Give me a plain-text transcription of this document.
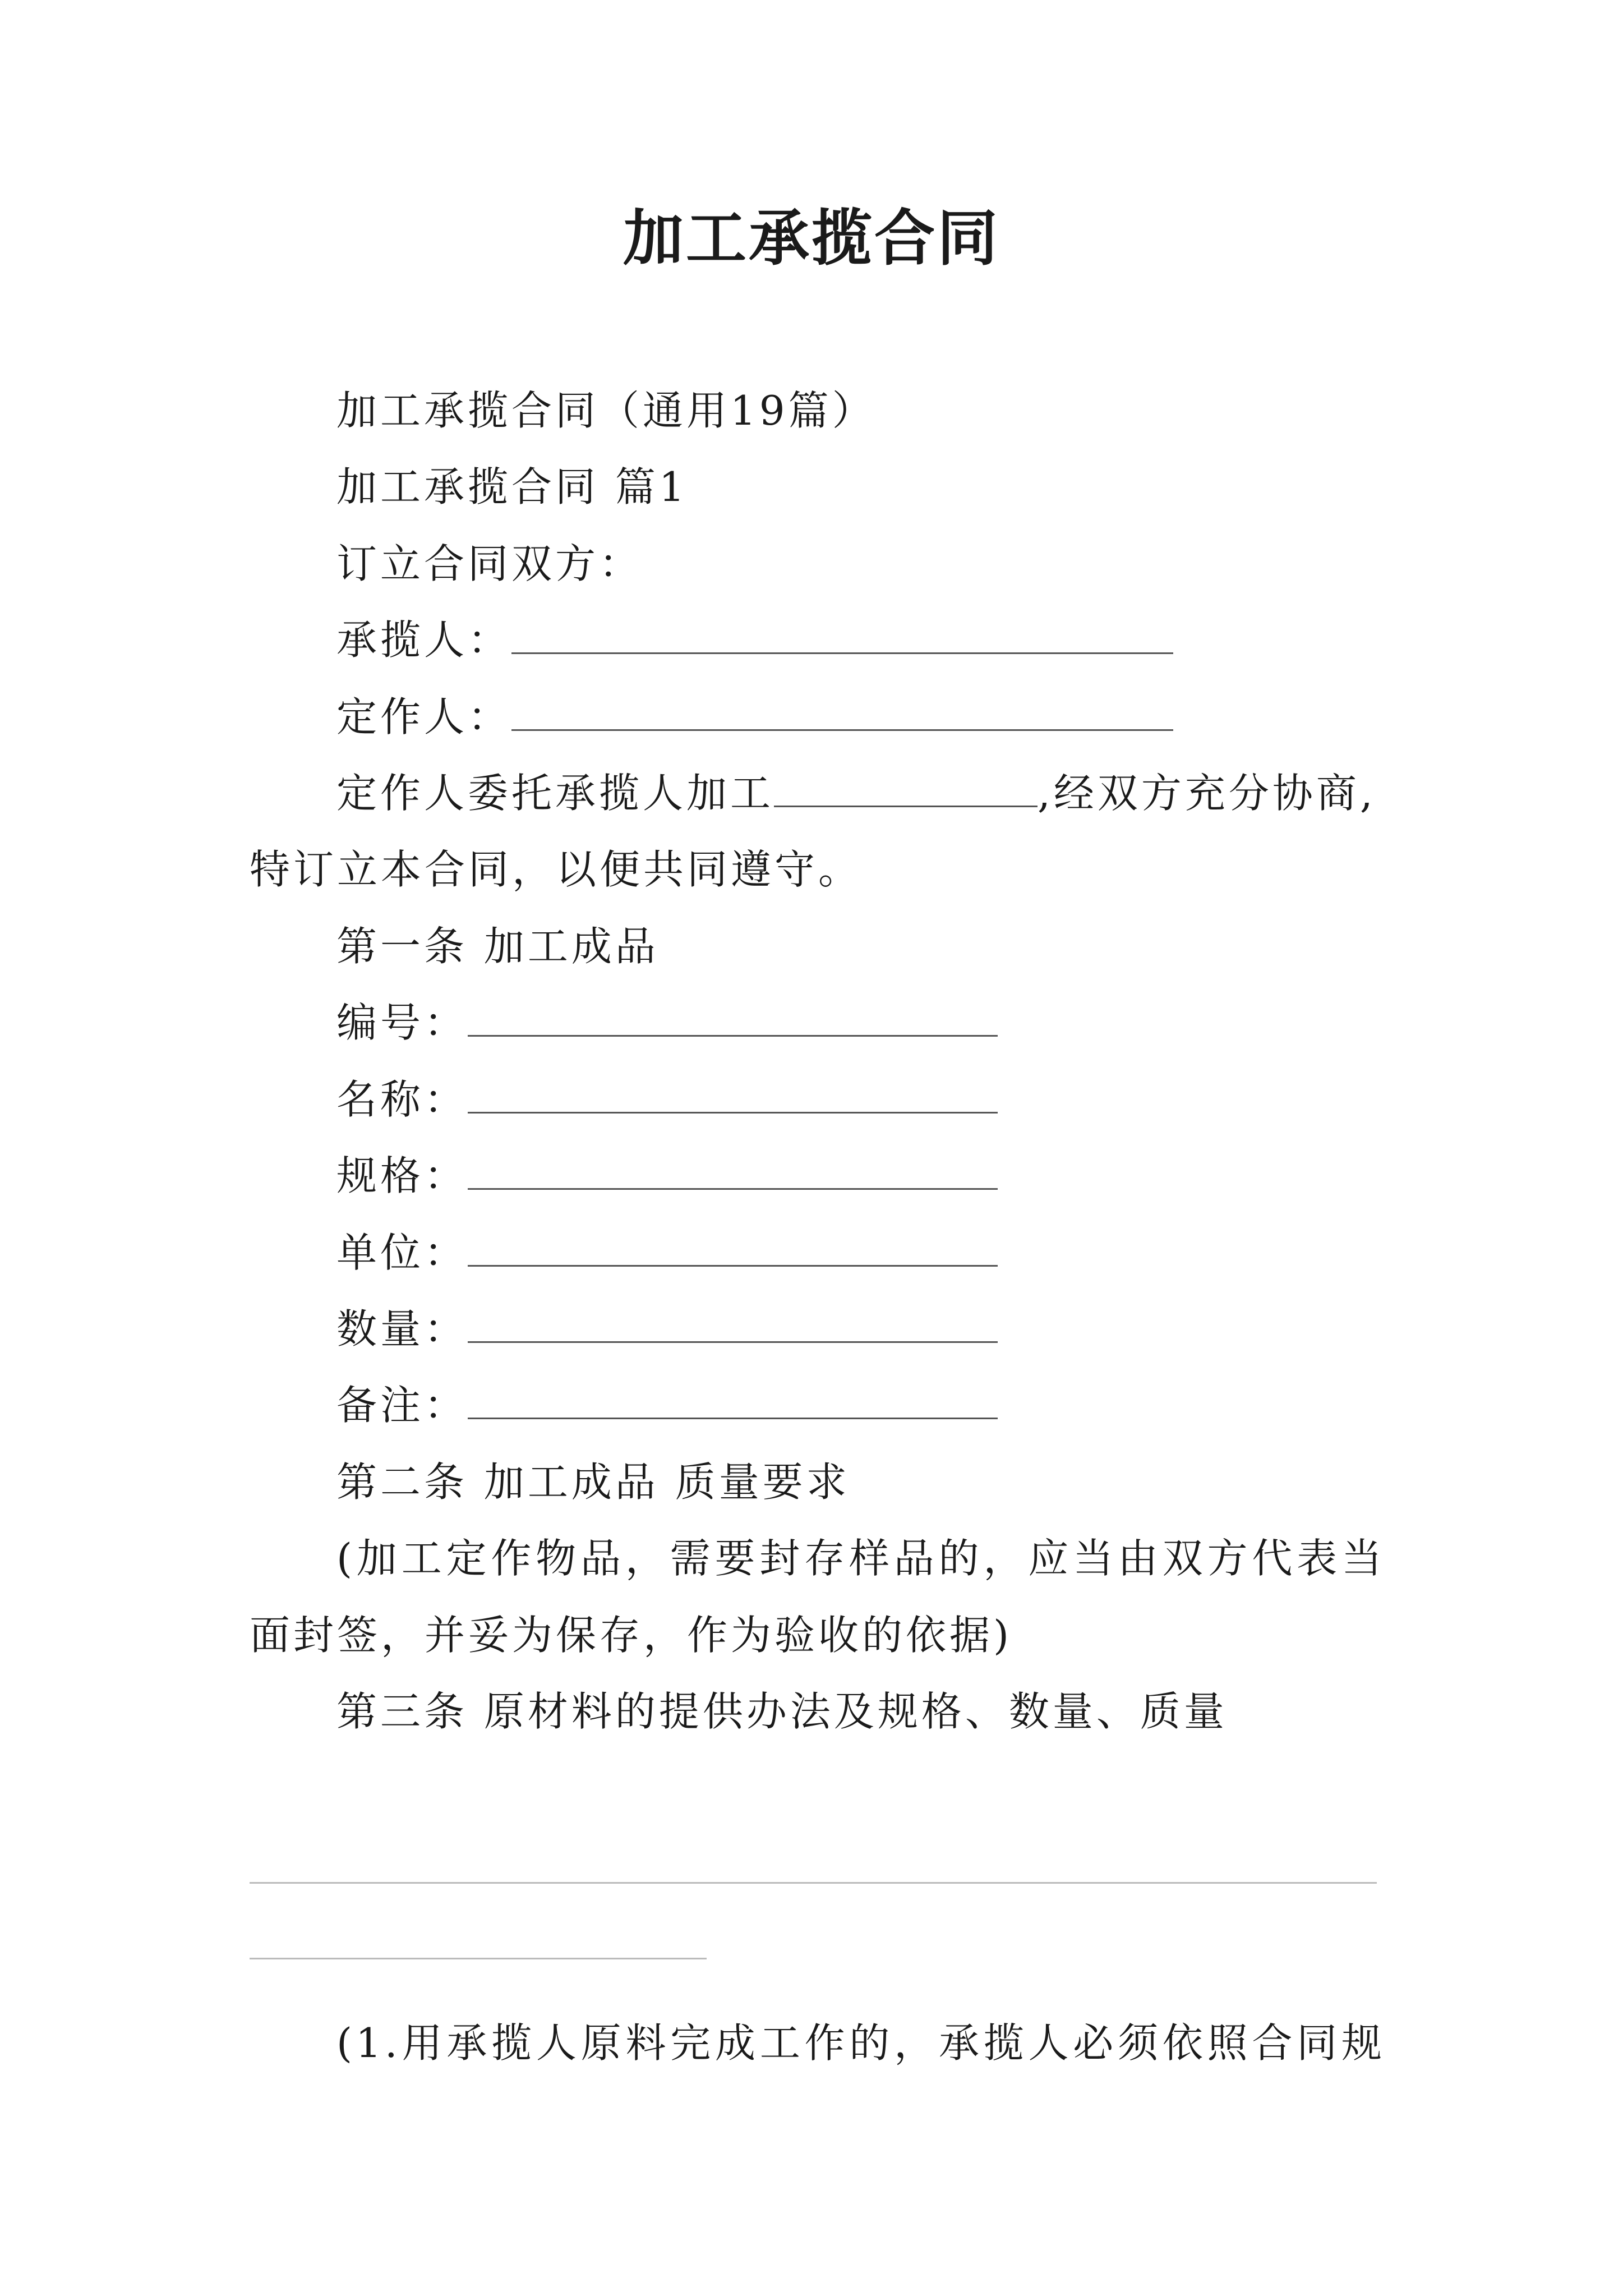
加工承揽合同
加工承揽合同（通用19篇）
加工承揽合同 篇1
订立合同双方：
承揽人：
定作人：
定作人委托承揽人加工	,经双方充分协商,
特订立本合同，以便共同遵守。
第一条 加工成品
编号：
名称：
规格：
单位：
数量：
备注：
第二条 加工成品 质量要求
(加工定作物品，需要封存样品的，应当由双方代表当
面封签，并妥为保存，作为验收的依据)
第三条 原材料的提供办法及规格、数量、质量
(1.用承揽人原料完成工作的，承揽人必须依照合同规
